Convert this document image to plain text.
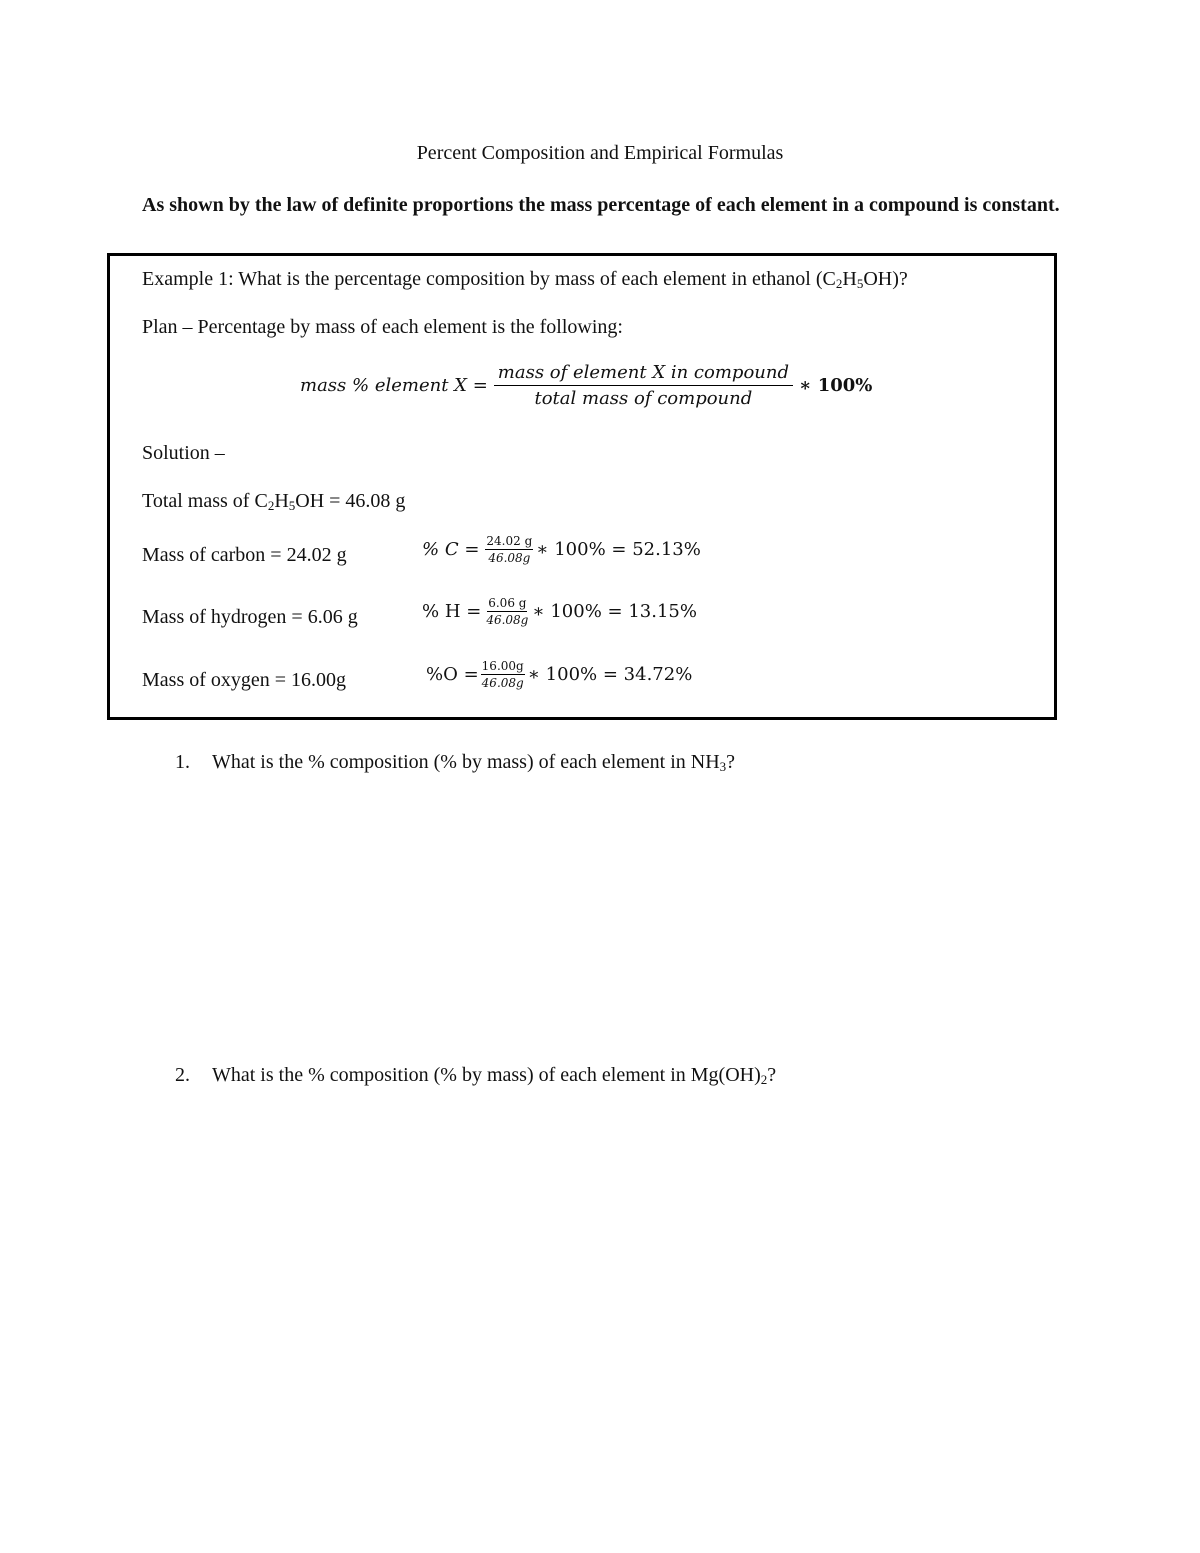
Percent Composition and Empirical Formulas
As shown by the law of definite proportions the mass percentage of each element in a compound is constant.
Example 1: What is the percentage composition by mass of each element in ethanol $(C_2H_5OH)$?
Plan – Percentage by mass of each element is the following:
mass % element $X = \frac{\text{mass of element X in compound}}{\text{total mass of compound}}$ ∗ 100%
Solution –
Total mass of $C_2H_5OH = 46.08$ g
Mass of carbon = 24.02 g	% $C = \frac{24.02 g}{46.08g}$ ∗ 100% = 52.13%
Mass of hydrogen = 6.06 g	% $H = \frac{6.06 g}{46.08g}$ ∗ 100% = 13.15%
Mass of oxygen = 16.00g	$\%O = \frac{16.00g}{46.08g}$ ∗ 100% = 34.72%
1. What is the % composition (% by mass) of each element in $NH_3$?
2. What is the % composition (% by mass) of each element in $Mg(OH)_2$?
